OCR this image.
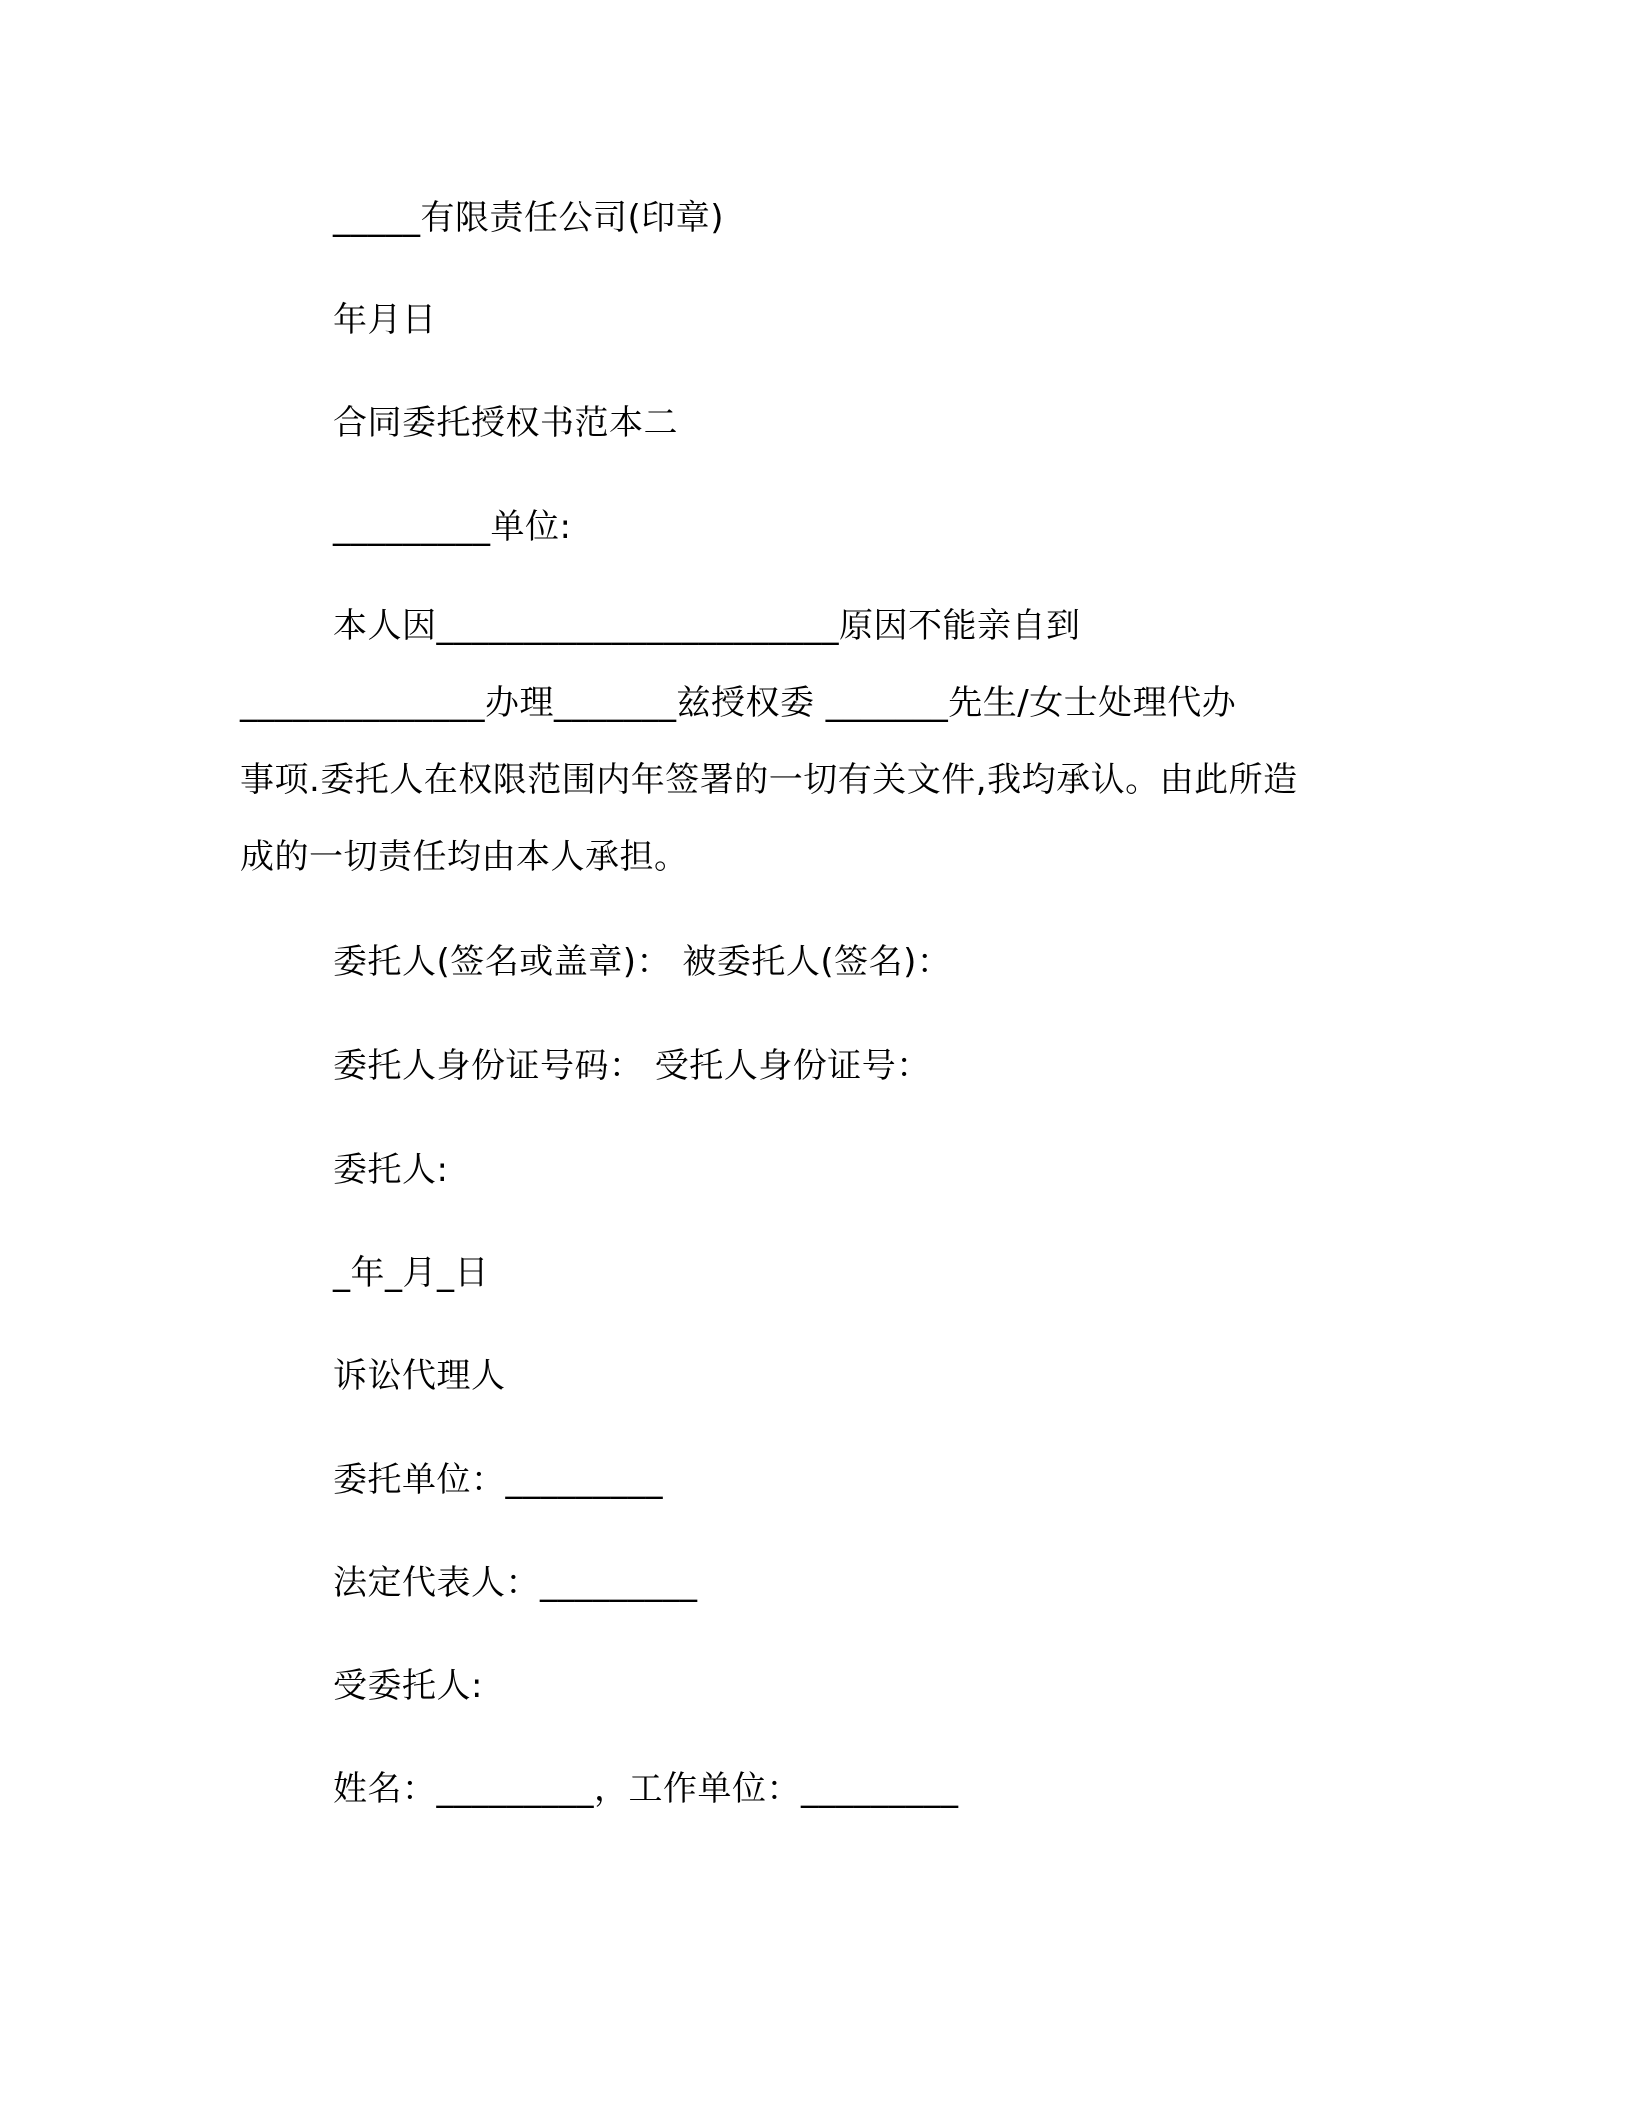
_____有限责任公司(印章)
年月日
合同委托授权书范本二
_________单位:
本人因_______________________原因不能亲自到
______________办理_______兹授权委 _______先生/女士处理代办
事项.委托人在权限范围内年签署的一切有关文件,我均承认。由此所造
成的一切责任均由本人承担。
委托人(签名或盖章)： 被委托人(签名)：
委托人身份证号码： 受托人身份证号：
委托人:
_年_月_日
诉讼代理人
委托单位：_________
法定代表人：_________
受委托人:
姓名：_________，工作单位：_________
